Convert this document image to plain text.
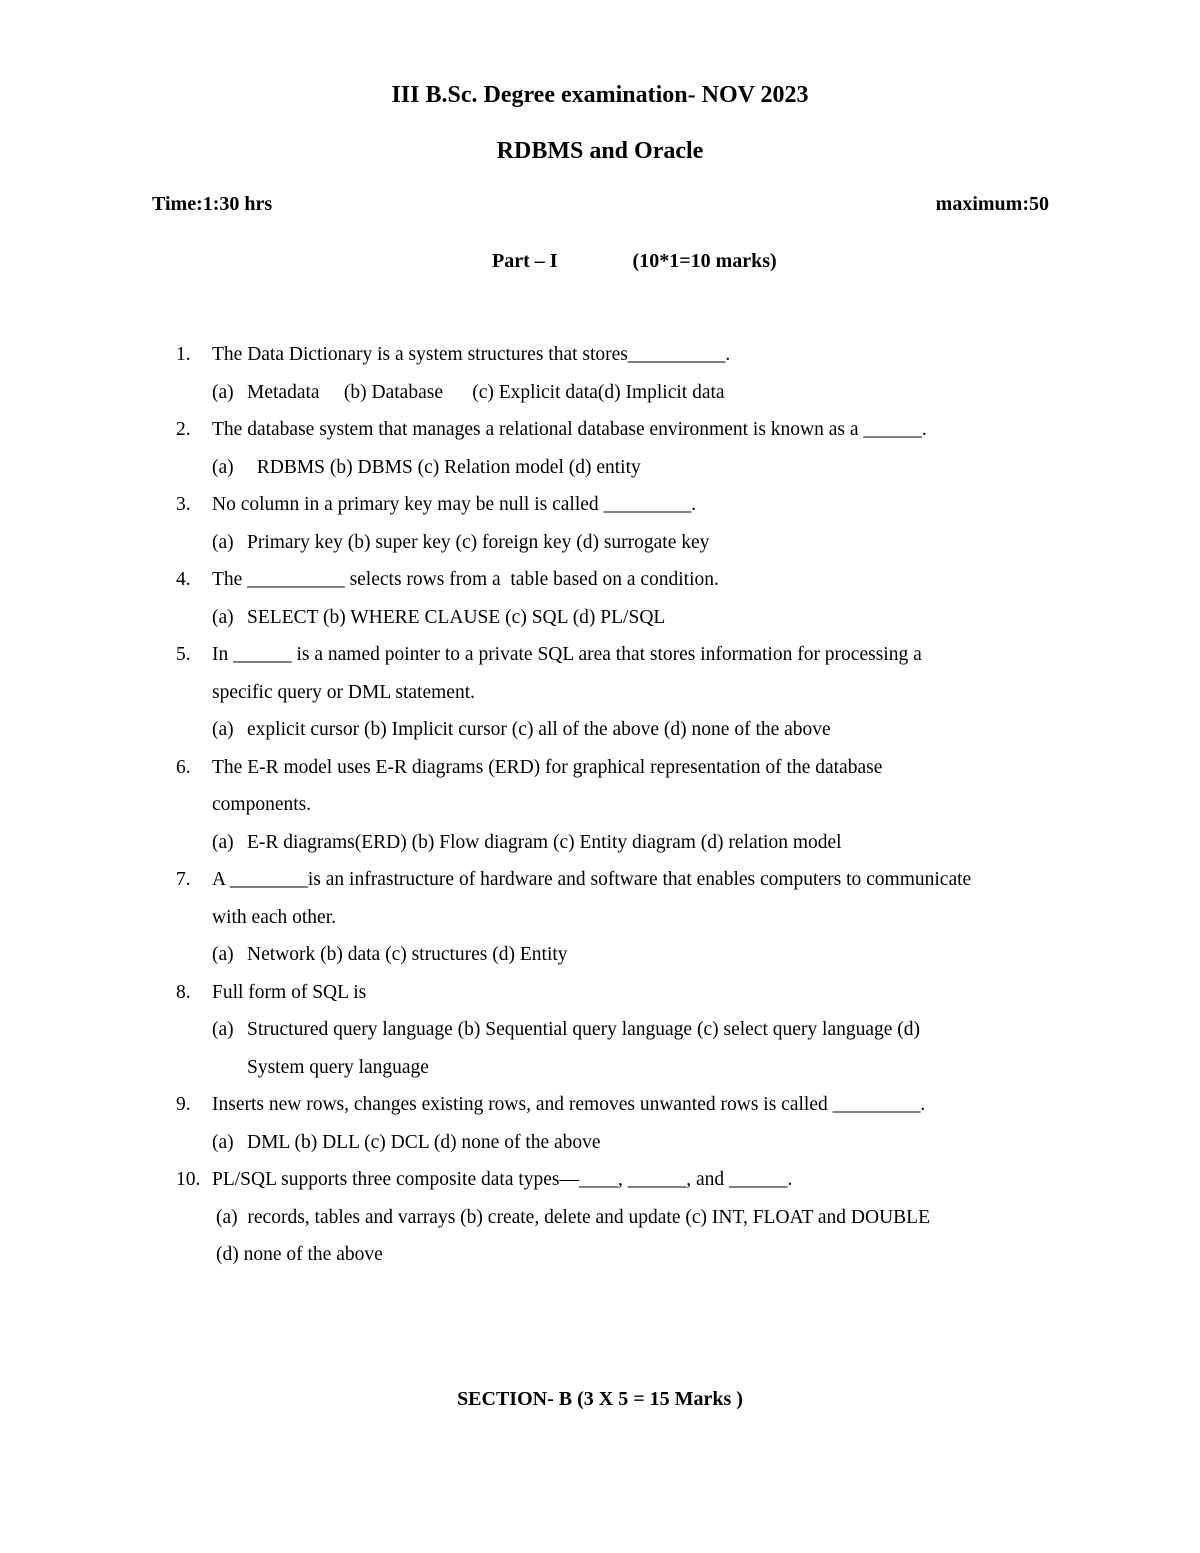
III B.Sc. Degree examination- NOV 2023
RDBMS and Oracle
Time:1:30 hrs	maximum:50
Part – I	(10*1=10 marks)
1. The Data Dictionary is a system structures that stores__________.
(a) Metadata     (b) Database      (c) Explicit data(d) Implicit data
2. The database system that manages a relational database environment is known as a ______.
(a)  RDBMS (b) DBMS (c) Relation model (d) entity
3. No column in a primary key may be null is called _________.
(a) Primary key (b) super key (c) foreign key (d) surrogate key
4. The __________ selects rows from a  table based on a condition.
(a) SELECT (b) WHERE CLAUSE (c) SQL (d) PL/SQL
5. In ______ is a named pointer to a private SQL area that stores information for processing a
specific query or DML statement.
(a) explicit cursor (b) Implicit cursor (c) all of the above (d) none of the above
6. The E-R model uses E-R diagrams (ERD) for graphical representation of the database
components.
(a) E-R diagrams(ERD) (b) Flow diagram (c) Entity diagram (d) relation model
7. A ________is an infrastructure of hardware and software that enables computers to communicate
with each other.
(a) Network (b) data (c) structures (d) Entity
8. Full form of SQL is
(a) Structured query language (b) Sequential query language (c) select query language (d)
System query language
9. Inserts new rows, changes existing rows, and removes unwanted rows is called _________.
(a) DML (b) DLL (c) DCL (d) none of the above
10. PL/SQL supports three composite data types—____, ______, and ______.
(a)  records, tables and varrays (b) create, delete and update (c) INT, FLOAT and DOUBLE
(d) none of the above
SECTION- B (3 X 5 = 15 Marks )
